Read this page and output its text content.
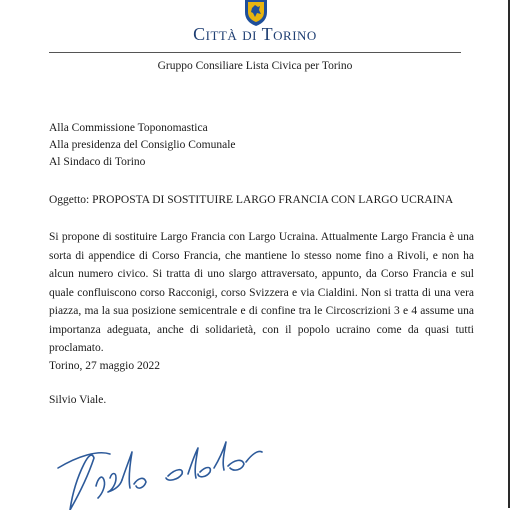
Città di Torino
Gruppo Consiliare Lista Civica per Torino
Alla Commissione Toponomastica
Alla presidenza del Consiglio Comunale
Al Sindaco di Torino
Oggetto: PROPOSTA DI SOSTITUIRE LARGO FRANCIA CON LARGO UCRAINA
Si propone di sostituire Largo Francia con Largo Ucraina. Attualmente Largo Francia è una sorta di appendice di Corso Francia, che mantiene lo stesso nome fino a Rivoli, e non ha alcun numero civico. Si tratta di uno slargo attraversato, appunto, da Corso Francia e sul quale confluiscono corso Racconigi, corso Svizzera e via Cialdini. Non si tratta di una vera piazza, ma la sua posizione semicentrale e di confine tra le Circoscrizioni 3 e 4 assume una importanza adeguata, anche di solidarietà, con il popolo ucraino come da quasi tutti proclamato.
Torino, 27 maggio 2022
Silvio Viale.
